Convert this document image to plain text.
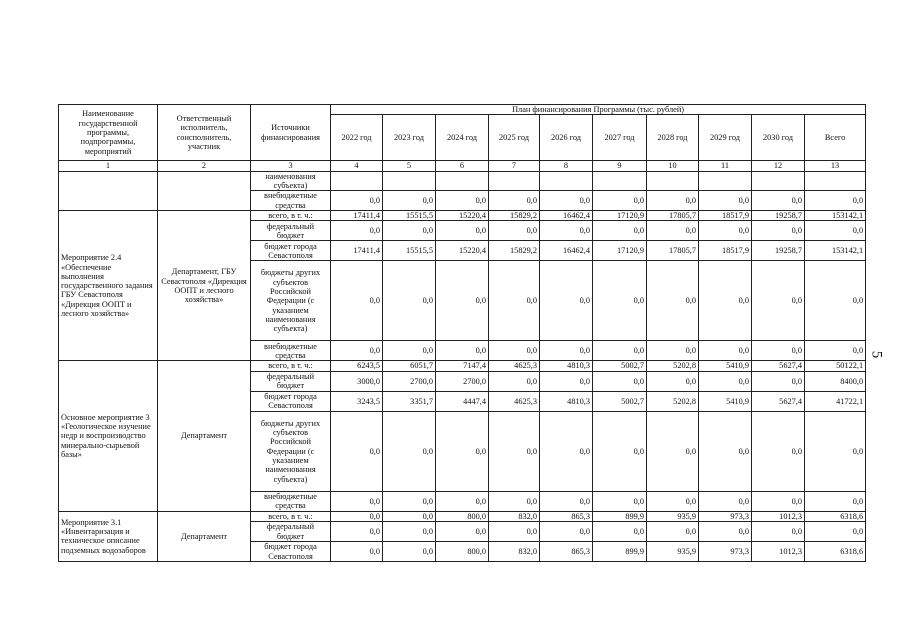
Наименование государственной программы, подпрограммы, мероприятий	Ответственный исполнитель, соисполнитель, участник	Источники финансирования	План финансирования Программы (тыс. рублей)									
			2022 год	2023 год	2024 год	2025 год	2026 год	2027 год	2028 год	2029 год	2030 год	Всего
1	2	3	4	5	6	7	8	9	10	11	12	13
		наименования субъекта)										
		внебюджетные средства	0,0	0,0	0,0	0,0	0,0	0,0	0,0	0,0	0,0	0,0
Мероприятие 2.4 «Обеспечение выполнения государственного задания ГБУ Севастополя «Дирекция ООПТ и лесного хозяйства»	Департамент, ГБУ Севастополя «Дирекция ООПТ и лесного хозяйства»	всего, в т. ч.:	17411,4	15515,5	15220,4	15829,2	16462,4	17120,9	17805,7	18517,9	19258,7	153142,1
		федеральный бюджет	0,0	0,0	0,0	0,0	0,0	0,0	0,0	0,0	0,0	0,0
		бюджет города Севастополя	17411,4	15515,5	15220,4	15829,2	16462,4	17120,9	17805,7	18517,9	19258,7	153142,1
		бюджеты других субъектов Российской Федерации (с указанием наименования субъекта)	0,0	0,0	0,0	0,0	0,0	0,0	0,0	0,0	0,0	0,0
		внебюджетные средства	0,0	0,0	0,0	0,0	0,0	0,0	0,0	0,0	0,0	0,0
Основное мероприятие 3 «Геологическое изучение недр и воспроизводство минерально-сырьевой базы»	Департамент	всего, в т. ч.:	6243,5	6051,7	7147,4	4625,3	4810,3	5002,7	5202,8	5410,9	5627,4	50122,1
		федеральный бюджет	3000,0	2700,0	2700,0	0,0	0,0	0,0	0,0	0,0	0,0	8400,0
		бюджет города Севастополя	3243,5	3351,7	4447,4	4625,3	4810,3	5002,7	5202,8	5410,9	5627,4	41722,1
		бюджеты других субъектов Российской Федерации (с указанием наименования субъекта)	0,0	0,0	0,0	0,0	0,0	0,0	0,0	0,0	0,0	0,0
		внебюджетные средства	0,0	0,0	0,0	0,0	0,0	0,0	0,0	0,0	0,0	0,0
Мероприятие 3.1 «Инвентаризация и техническое описание подземных водозаборов	Департамент	всего, в т. ч.:	0,0	0,0	800,0	832,0	865,3	899,9	935,9	973,3	1012,3	6318,6
		федеральный бюджет	0,0	0,0	0,0	0,0	0,0	0,0	0,0	0,0	0,0	0,0
		бюджет города Севастополя	0,0	0,0	800,0	832,0	865,3	899,9	935,9	973,3	1012,3	6318,6
5
